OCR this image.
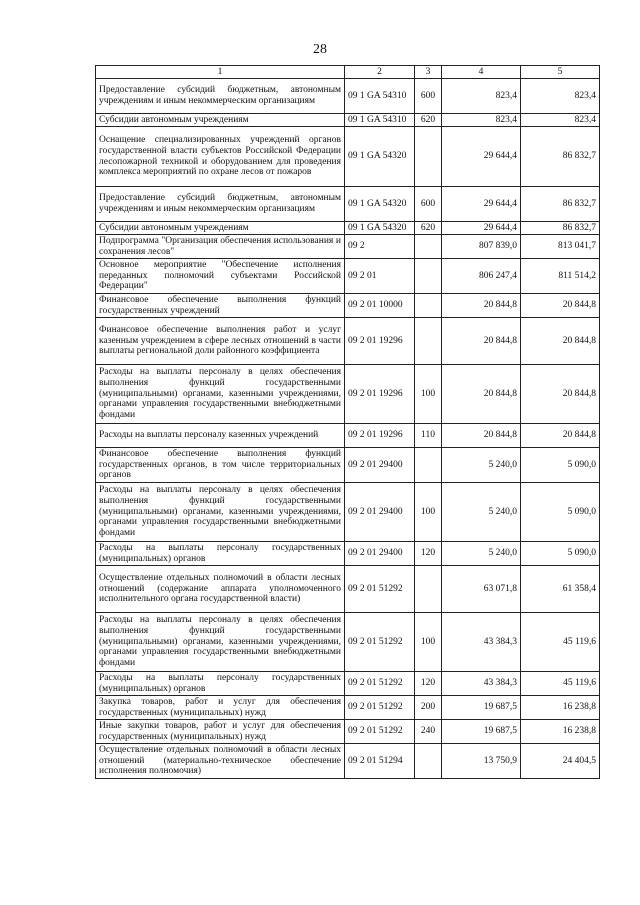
28
1	2	3	4	5
Предоставление субсидий бюджетным, автономным учреждениям и иным некоммерческим организациям	09 1 GA 54310	600	823,4	823,4
Субсидии автономным учреждениям	09 1 GA 54310	620	823,4	823,4
Оснащение специализированных учреждений органов государственной власти субъектов Российской Федерации лесопожарной техникой и оборудованием для проведения комплекса мероприятий по охране лесов от пожаров	09 1 GA 54320		29 644,4	86 832,7
Предоставление субсидий бюджетным, автономным учреждениям и иным некоммерческим организациям	09 1 GA 54320	600	29 644,4	86 832,7
Субсидии автономным учреждениям	09 1 GA 54320	620	29 644,4	86 832,7
Подпрограмма "Организация обеспечения использования и сохранения лесов"	09 2		807 839,0	813 041,7
Основное мероприятие "Обеспечение исполнения переданных полномочий субъектами Российской Федерации"	09 2 01		806 247,4	811 514,2
Финансовое обеспечение выполнения функций государственных учреждений	09 2 01 10000		20 844,8	20 844,8
Финансовое обеспечение выполнения работ и услуг казенным учреждением в сфере лесных отношений в части выплаты региональной доли районного коэффициента	09 2 01 19296		20 844,8	20 844,8
Расходы на выплаты персоналу в целях обеспечения выполнения функций государственными (муниципальными) органами, казенными учреждениями, органами управления государственными внебюджетными фондами	09 2 01 19296	100	20 844,8	20 844,8
Расходы на выплаты персоналу казенных учреждений	09 2 01 19296	110	20 844,8	20 844,8
Финансовое обеспечение выполнения функций государственных органов, в том числе территориальных органов	09 2 01 29400		5 240,0	5 090,0
Расходы на выплаты персоналу в целях обеспечения выполнения функций государственными (муниципальными) органами, казенными учреждениями, органами управления государственными внебюджетными фондами	09 2 01 29400	100	5 240,0	5 090,0
Расходы на выплаты персоналу государственных (муниципальных) органов	09 2 01 29400	120	5 240,0	5 090,0
Осуществление отдельных полномочий в области лесных отношений (содержание аппарата уполномоченного исполнительного органа государственной власти)	09 2 01 51292		63 071,8	61 358,4
Расходы на выплаты персоналу в целях обеспечения выполнения функций государственными (муниципальными) органами, казенными учреждениями, органами управления государственными внебюджетными фондами	09 2 01 51292	100	43 384,3	45 119,6
Расходы на выплаты персоналу государственных (муниципальных) органов	09 2 01 51292	120	43 384,3	45 119,6
Закупка товаров, работ и услуг для обеспечения государственных (муниципальных) нужд	09 2 01 51292	200	19 687,5	16 238,8
Иные закупки товаров, работ и услуг для обеспечения государственных (муниципальных) нужд	09 2 01 51292	240	19 687,5	16 238,8
Осуществление отдельных полномочий в области лесных отношений (материально-техническое обеспечение исполнения полномочия)	09 2 01 51294		13 750,9	24 404,5
